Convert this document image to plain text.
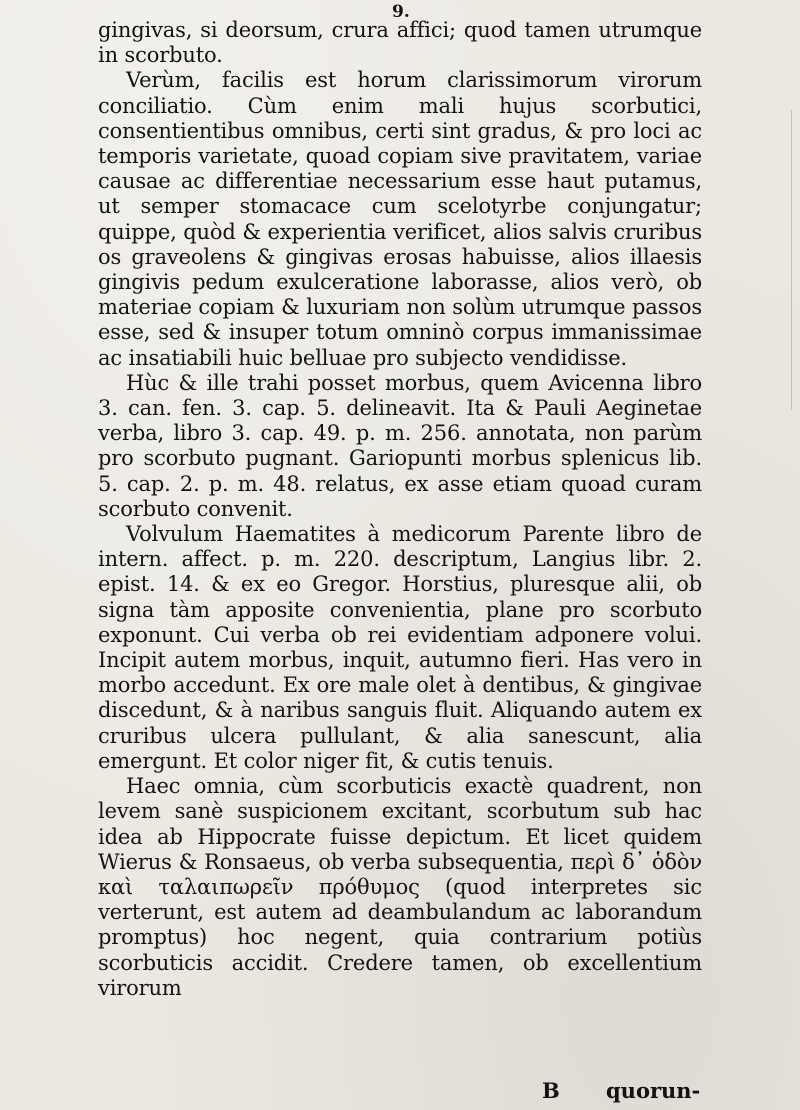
9.

gingivas, si deorsum, crura affici; quod tamen utrumque in scorbuto.

Verùm, facilis est horum clarissimorum virorum conciliatio. Cùm enim mali hujus scorbutici, consentientibus omnibus, certi sint gradus, & pro loci ac temporis varietate, quoad copiam sive pravitatem, variae causae ac differentiae necessarium esse haut putamus, ut semper stomacace cum scelotyrbe conjungatur; quippe, quòd & experientia verificet, alios salvis cruribus os graveolens & gingivas erosas habuisse, alios illaesis gingivis pedum exulceratione laborasse, alios verò, ob materiae copiam & luxuriam non solùm utrumque passos esse, sed & insuper totum omninò corpus immanissimae ac insatiabili huic belluae pro subjecto vendidisse.

Hùc & ille trahi posset morbus, quem Avicenna libro 3. can. fen. 3. cap. 5. delineavit. Ita & Pauli Aeginetae verba, libro 3. cap. 49. p. m. 256. annotata, non parùm pro scorbuto pugnant. Gariopunti morbus splenicus lib. 5. cap. 2. p. m. 48. relatus, ex asse etiam quoad curam scorbuto convenit.

Volvulum Haematites à medicorum Parente libro de intern. affect. p. m. 220. descriptum, Langius libr. 2. epist. 14. & ex eo Gregor. Horstius, pluresque alii, ob signa tàm apposite convenientia, plane pro scorbuto exponunt. Cui verba ob rei evidentiam adponere volui. Incipit autem morbus, inquit, autumno fieri. Has vero in morbo accedunt. Ex ore male olet à dentibus, & gingivae discedunt, & à naribus sanguis fluit. Aliquando autem ex cruribus ulcera pullulant, & alia sanescunt, alia emergunt. Et color niger fit, & cutis tenuis.

Haec omnia, cùm scorbuticis exactè quadrent, non levem sanè suspicionem excitant, scorbutum sub hac idea ab Hippocrate fuisse depictum. Et licet quidem Wierus & Ronsaeus, ob verba subsequentia, περὶ δ᾽ ὁδὸν καὶ ταλαιπωρεῖν πρόθυμος (quod interpretes sic verterunt, est autem ad deambulandum ac laborandum promptus) hoc negent, quia contrarium potiùs scorbuticis accidit. Credere tamen, ob excellentium virorum

B quorun-
